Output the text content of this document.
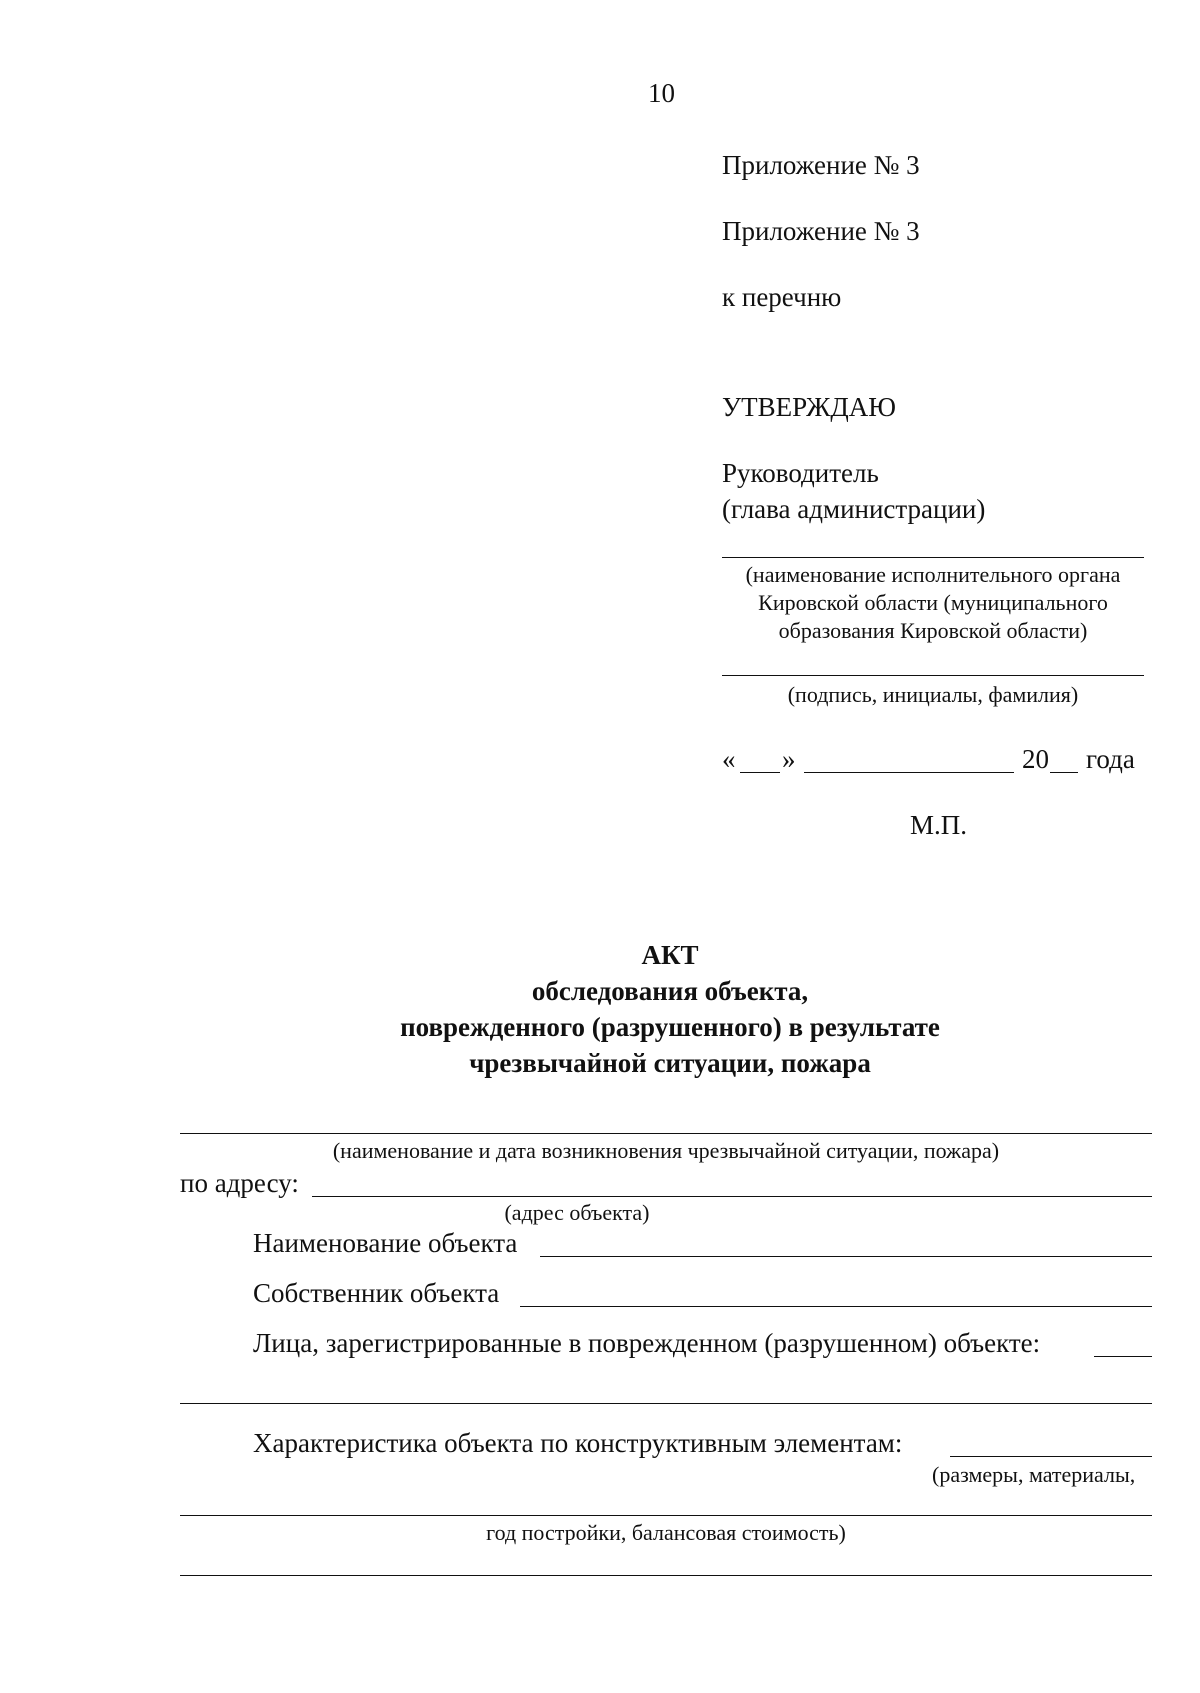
10
Приложение № 3
Приложение № 3
к перечню
УТВЕРЖДАЮ
Руководитель
(глава администрации)
(наименование исполнительного органа
Кировской области (муниципального
образования Кировской области)
(подпись, инициалы, фамилия)
« »	20 года
М.П.
АКТ
обследования объекта,
поврежденного (разрушенного) в результате
чрезвычайной ситуации, пожара
(наименование и дата возникновения чрезвычайной ситуации, пожара)
по адресу:
(адрес объекта)
Наименование объекта
Собственник объекта
Лица, зарегистрированные в поврежденном (разрушенном) объекте:
Характеристика объекта по конструктивным элементам:
(размеры, материалы,
год постройки, балансовая стоимость)
